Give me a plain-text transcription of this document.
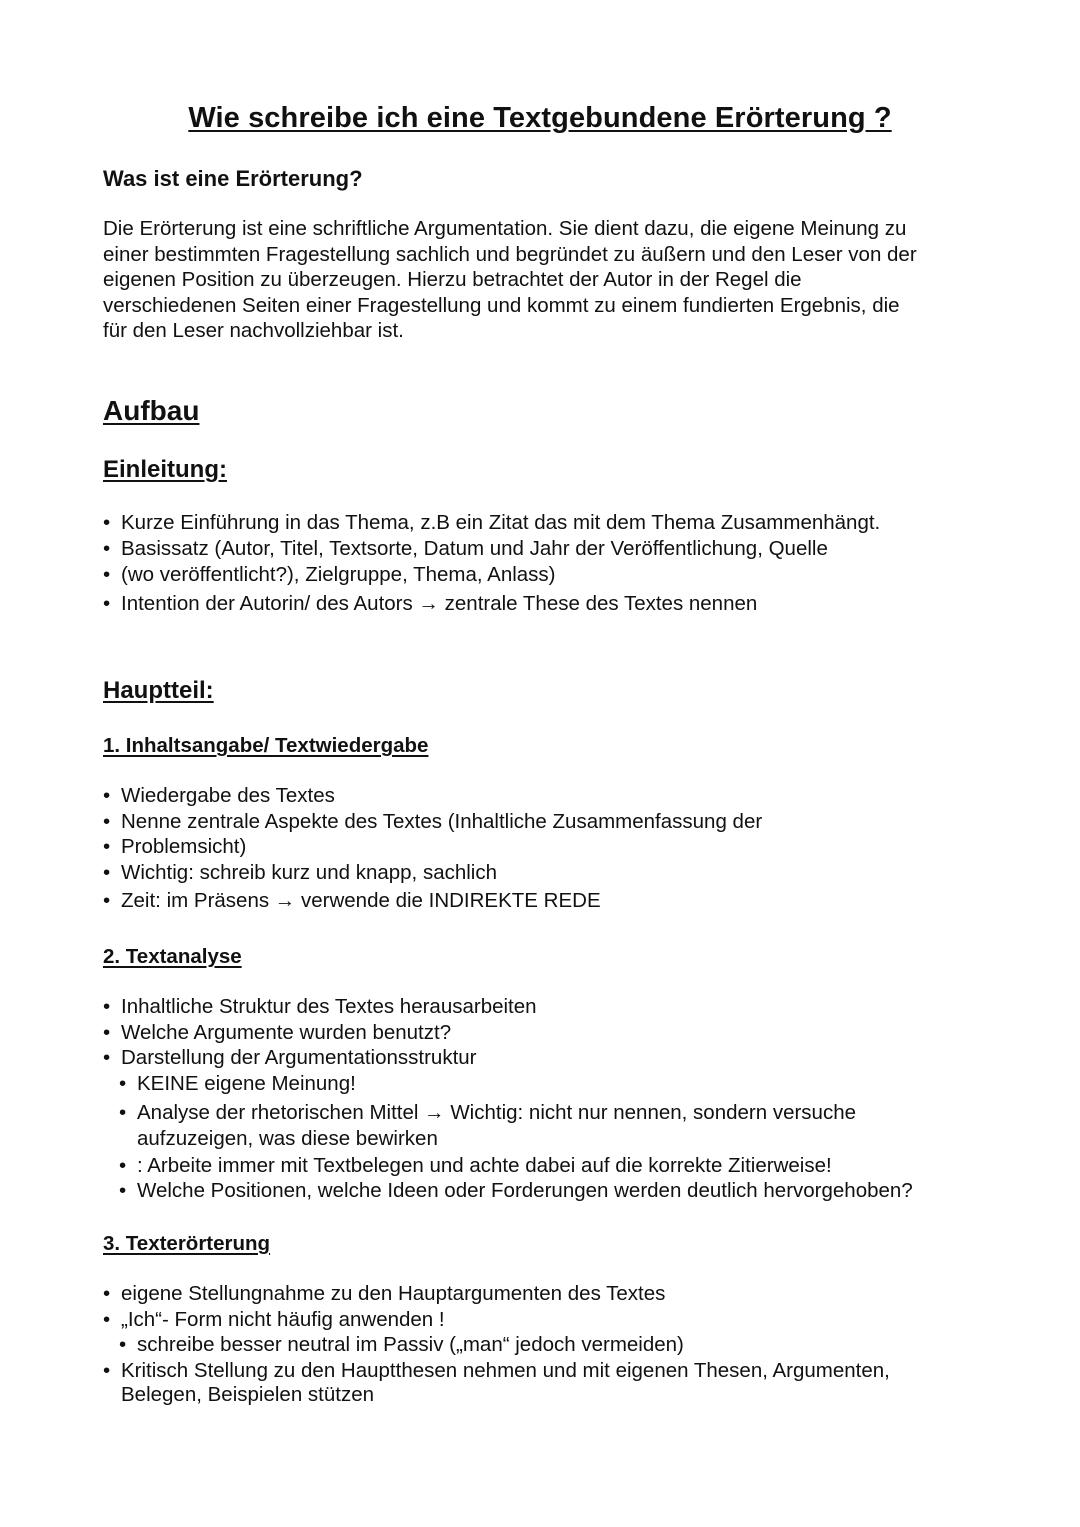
Wie schreibe ich eine Textgebundene Erörterung ?
Was ist eine Erörterung?

Die Erörterung ist eine schriftliche Argumentation. Sie dient dazu, die eigene Meinung zu
einer bestimmten Fragestellung sachlich und begründet zu äußern und den Leser von der
eigenen Position zu überzeugen. Hierzu betrachtet der Autor in der Regel die
verschiedenen Seiten einer Fragestellung und kommt zu einem fundierten Ergebnis, die
für den Leser nachvollziehbar ist.

Aufbau
Einleitung:
• Kurze Einführung in das Thema, z.B ein Zitat das mit dem Thema Zusammenhängt.
• Basissatz (Autor, Titel, Textsorte, Datum und Jahr der Veröffentlichung, Quelle
• (wo veröffentlicht?), Zielgruppe, Thema, Anlass)
• Intention der Autorin/ des Autors → zentrale These des Textes nennen
Hauptteil:
1. Inhaltsangabe/ Textwiedergabe
• Wiedergabe des Textes
• Nenne zentrale Aspekte des Textes (Inhaltliche Zusammenfassung der
• Problemsicht)
• Wichtig: schreib kurz und knapp, sachlich
• Zeit: im Präsens → verwende die INDIREKTE REDE
2. Textanalyse
• Inhaltliche Struktur des Textes herausarbeiten
• Welche Argumente wurden benutzt?
• Darstellung der Argumentationsstruktur
• KEINE eigene Meinung!
• Analyse der rhetorischen Mittel → Wichtig: nicht nur nennen, sondern versuche
aufzuzeigen, was diese bewirken
• : Arbeite immer mit Textbelegen und achte dabei auf die korrekte Zitierweise!
• Welche Positionen, welche Ideen oder Forderungen werden deutlich hervorgehoben?
3. Texterörterung
• eigene Stellungnahme zu den Hauptargumenten des Textes
• „Ich“- Form nicht häufig anwenden !
• schreibe besser neutral im Passiv („man“ jedoch vermeiden)
• Kritisch Stellung zu den Hauptthesen nehmen und mit eigenen Thesen, Argumenten,
Belegen, Beispielen stützen
